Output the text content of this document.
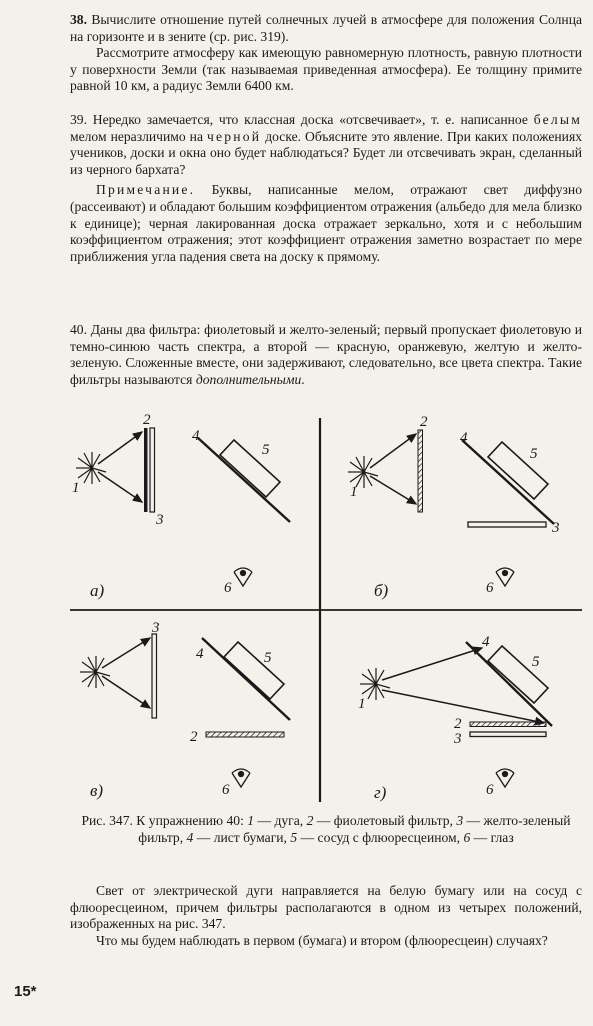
38. Вычислите отношение путей солнечных лучей в атмосфере для положения Солнца на горизонте и в зените (ср. рис. 319).

Рассмотрите атмосферу как имеющую равномерную плотность, равную плотности у поверхности Земли (так называемая приведенная атмосфера). Ее толщину примите равной 10 км, а радиус Земли 6400 км.

39. Нередко замечается, что классная доска «отсвечивает», т. е. написанное белым мелом неразличимо на черной доске. Объясните это явление. При каких положениях учеников, доски и окна оно будет наблюдаться? Будет ли отсвечивать экран, сделанный из черного бархата?

Примечание. Буквы, написанные мелом, отражают свет диффузно (рассеивают) и обладают большим коэффициентом отражения (альбедо для мела близко к единице); черная лакированная доска отражает зеркально, хотя и с небольшим коэффициентом отражения; этот коэффициент отражения заметно возрастает по мере приближения угла падения света на доску к прямому.

40. Даны два фильтра: фиолетовый и желто-зеленый; первый пропускает фиолетовую и темно-синюю часть спектра, а второй — красную, оранжевую, желтую и желто-зеленую. Сложенные вместе, они задерживают, следовательно, все цвета спектра. Такие фильтры называются дополнительными.

1
2
3
4
5
6
а)
1
2
3
4
5
6
б)
3
4	5
2
6
в)
1
4
5
2
3
6
г)
Рис. 347. К упражнению 40: 1 — дуга, 2 — фиолетовый фильтр, 3 — желто-зеленый фильтр, 4 — лист бумаги, 5 — сосуд с флюоресцеином, 6 — глаз

Свет от электрической дуги направляется на белую бумагу или на сосуд с флюоресцеином, причем фильтры располагаются в одном из четырех положений, изображенных на рис. 347.

Что мы будем наблюдать в первом (бумага) и втором (флюоресцеин) случаях?

15*
